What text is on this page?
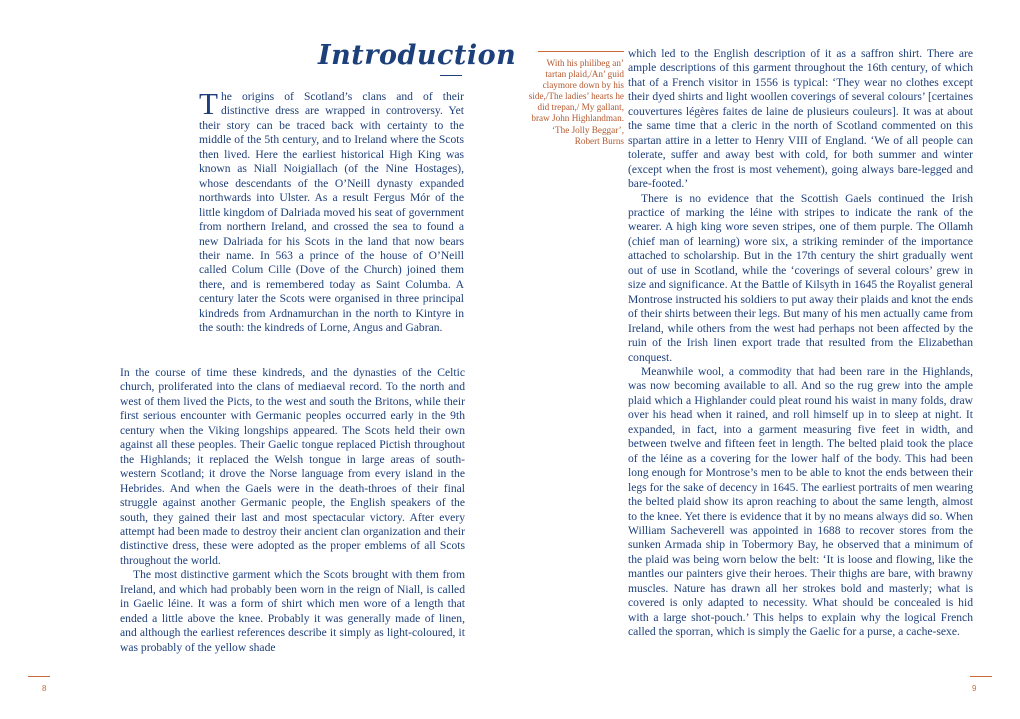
Introduction

The origins of Scotland’s clans and of their distinctive dress are wrapped in controversy. Yet their story can be traced back with certainty to the middle of the 5th century, and to Ireland where the Scots then lived. Here the earliest historical High King was known as Niall Noigiallach (of the Nine Hostages), whose descendants of the O’Neill dynasty expanded northwards into Ulster. As a result Fergus Mór of the little kingdom of Dalriada moved his seat of government from northern Ireland, and crossed the sea to found a new Dalriada for his Scots in the land that now bears their name. In 563 a prince of the house of O’Neill called Colum Cille (Dove of the Church) joined them there, and is remembered today as Saint Columba. A century later the Scots were organised in three principal kindreds from Ardnamurchan in the north to Kintyre in the south: the kindreds of Lorne, Angus and Gabran.

In the course of time these kindreds, and the dynasties of the Celtic church, proliferated into the clans of mediaeval record. To the north and west of them lived the Picts, to the west and south the Britons, while their first serious encounter with Germanic peoples occurred early in the 9th century when the Viking longships appeared. The Scots held their own against all these peoples. Their Gaelic tongue replaced Pictish throughout the Highlands; it replaced the Welsh tongue in large areas of south-western Scotland; it drove the Norse language from every island in the Hebrides. And when the Gaels were in the death-throes of their final struggle against another Germanic people, the English speakers of the south, they gained their last and most spectacular victory. After every attempt had been made to destroy their ancient clan organization and their distinctive dress, these were adopted as the proper emblems of all Scots throughout the world.

The most distinctive garment which the Scots brought with them from Ireland, and which had probably been worn in the reign of Niall, is called in Gaelic léine. It was a form of shirt which men wore of a length that ended a little above the knee. Probably it was generally made of linen, and although the earliest references describe it simply as light-coloured, it was probably of the yellow shade

With his philibeg an’ tartan plaid,/An’ guid claymore down by his side,/The ladies’ hearts he did trepan,/ My gallant, braw John Highlandman. ‘The Jolly Beggar’, Robert Burns

which led to the English description of it as a saffron shirt. There are ample descriptions of this garment throughout the 16th century, of which that of a French visitor in 1556 is typical: ‘They wear no clothes except their dyed shirts and light woollen coverings of several colours’ [certaines couvertures légères faites de laine de plusieurs couleurs]. It was at about the same time that a cleric in the north of Scotland commented on this spartan attire in a letter to Henry VIII of England. ‘We of all people can tolerate, suffer and away best with cold, for both summer and winter (except when the frost is most vehement), going always bare-legged and bare-footed.’

There is no evidence that the Scottish Gaels continued the Irish practice of marking the léine with stripes to indicate the rank of the wearer. A high king wore seven stripes, one of them purple. The Ollamh (chief man of learning) wore six, a striking reminder of the importance attached to scholarship. But in the 17th century the shirt gradually went out of use in Scotland, while the ‘coverings of several colours’ grew in size and significance. At the Battle of Kilsyth in 1645 the Royalist general Montrose instructed his soldiers to put away their plaids and knot the ends of their shirts between their legs. But many of his men actually came from Ireland, while others from the west had perhaps not been affected by the ruin of the Irish linen export trade that resulted from the Elizabethan conquest.

Meanwhile wool, a commodity that had been rare in the Highlands, was now becoming available to all. And so the rug grew into the ample plaid which a Highlander could pleat round his waist in many folds, draw over his head when it rained, and roll himself up in to sleep at night. It expanded, in fact, into a garment measuring five feet in width, and between twelve and fifteen feet in length. The belted plaid took the place of the léine as a covering for the lower half of the body. This had been long enough for Montrose’s men to be able to knot the ends between their legs for the sake of decency in 1645. The earliest portraits of men wearing the belted plaid show its apron reaching to about the same length, almost to the knee. Yet there is evidence that it by no means always did so. When William Sacheverell was appointed in 1688 to recover stores from the sunken Armada ship in Tobermory Bay, he observed that a minimum of the plaid was being worn below the belt: ‘It is loose and flowing, like the mantles our painters give their heroes. Their thighs are bare, with brawny muscles. Nature has drawn all her strokes bold and masterly; what is covered is only adapted to necessity. What should be concealed is hid with a large shot-pouch.’ This helps to explain why the logical French called the sporran, which is simply the Gaelic for a purse, a cache-sexe.

8	9
